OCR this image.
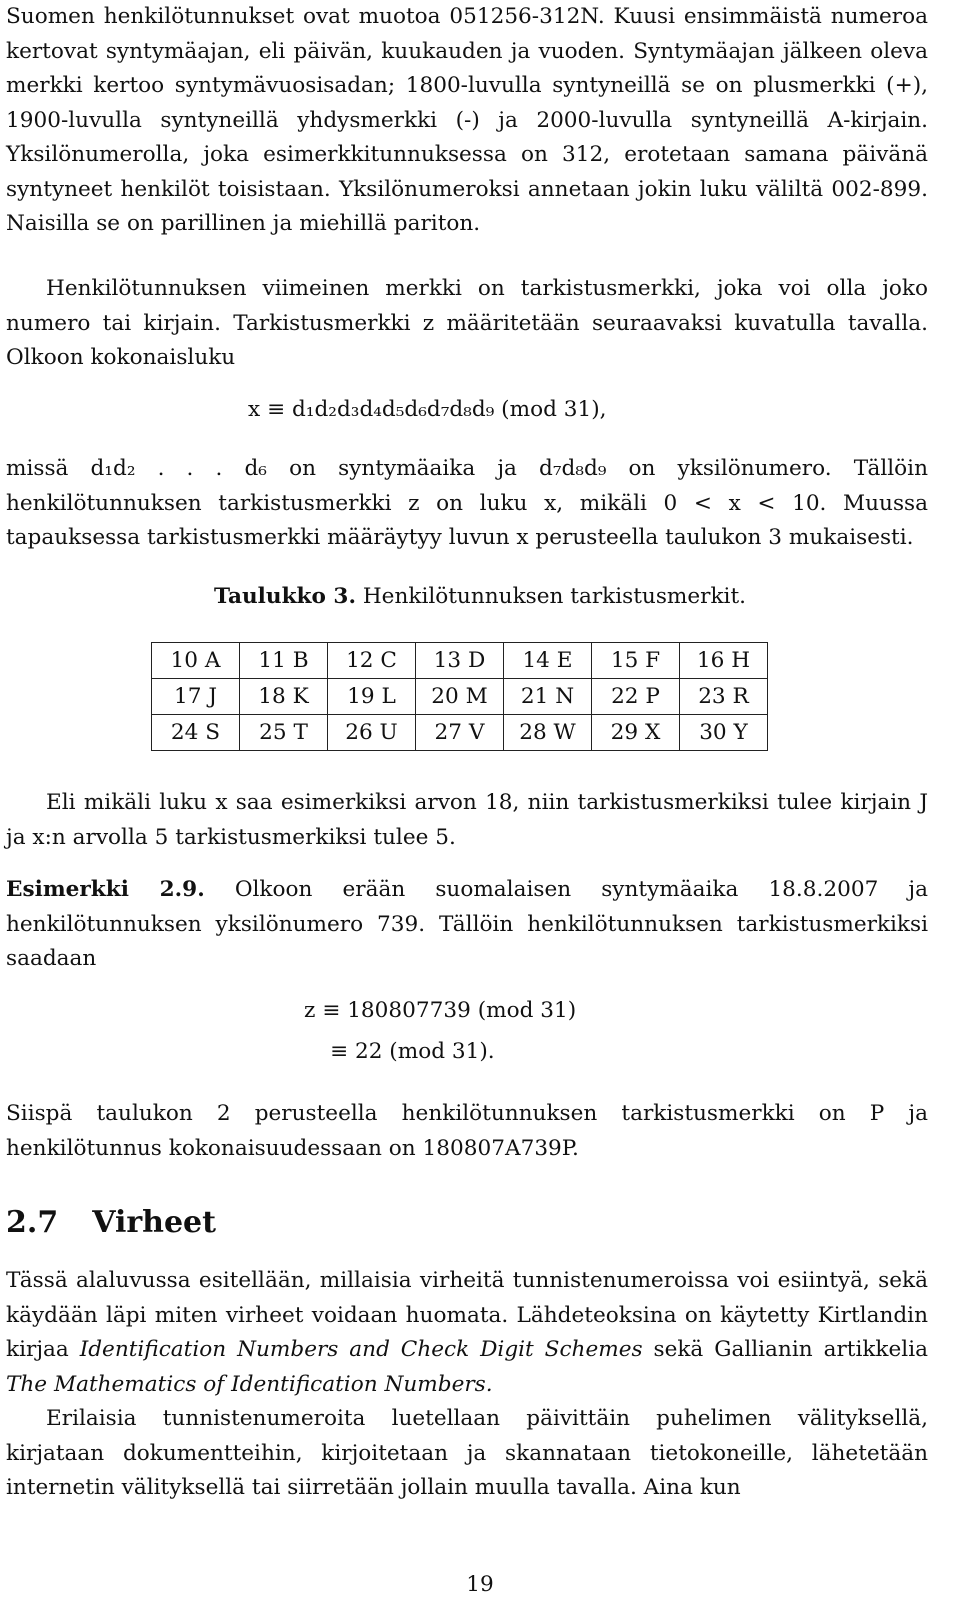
Suomen henkilötunnukset ovat muotoa 051256-312N. Kuusi ensimmäistä numeroa kertovat syntymäajan, eli päivän, kuukauden ja vuoden. Syntymäajan jälkeen oleva merkki kertoo syntymävuosisadan; 1800-luvulla syntyneillä se on plusmerkki (+), 1900-luvulla syntyneillä yhdysmerkki (-) ja 2000-luvulla syntyneillä A-kirjain. Yksilönumerolla, joka esimerkkitunnuksessa on 312, erotetaan samana päivänä syntyneet henkilöt toisistaan. Yksilönumeroksi annetaan jokin luku väliltä 002-899. Naisilla se on parillinen ja miehillä pariton.

Henkilötunnuksen viimeinen merkki on tarkistusmerkki, joka voi olla joko numero tai kirjain. Tarkistusmerkki z määritetään seuraavaksi kuvatulla tavalla. Olkoon kokonaisluku

x ≡ d₁d₂d₃d₄d₅d₆d₇d₈d₉ (mod 31),

missä d₁d₂ . . . d₆ on syntymäaika ja d₇d₈d₉ on yksilönumero. Tällöin henkilötunnuksen tarkistusmerkki z on luku x, mikäli 0 < x < 10. Muussa tapauksessa tarkistusmerkki määräytyy luvun x perusteella taulukon 3 mukaisesti.

Taulukko 3. Henkilötunnuksen tarkistusmerkit.
10 A	11 B	12 C	13 D	14 E	15 F	16 H
17 J	18 K	19 L	20 M	21 N	22 P	23 R
24 S	25 T	26 U	27 V	28 W	29 X	30 Y

Eli mikäli luku x saa esimerkiksi arvon 18, niin tarkistusmerkiksi tulee kirjain J ja x:n arvolla 5 tarkistusmerkiksi tulee 5.

Esimerkki 2.9. Olkoon erään suomalaisen syntymäaika 18.8.2007 ja henkilötunnuksen yksilönumero 739. Tällöin henkilötunnuksen tarkistusmerkiksi saadaan

z ≡ 180807739 (mod 31)
≡ 22 (mod 31).

Siispä taulukon 2 perusteella henkilötunnuksen tarkistusmerkki on P ja henkilötunnus kokonaisuudessaan on 180807A739P.

2.7 Virheet

Tässä alaluvussa esitellään, millaisia virheitä tunnistenumeroissa voi esiintyä, sekä käydään läpi miten virheet voidaan huomata. Lähdeteoksina on käytetty Kirtlandin kirjaa Identification Numbers and Check Digit Schemes sekä Gallianin artikkelia The Mathematics of Identification Numbers.

Erilaisia tunnistenumeroita luetellaan päivittäin puhelimen välityksellä, kirjataan dokumentteihin, kirjoitetaan ja skannataan tietokoneille, lähetetään internetin välityksellä tai siirretään jollain muulla tavalla. Aina kun

19
